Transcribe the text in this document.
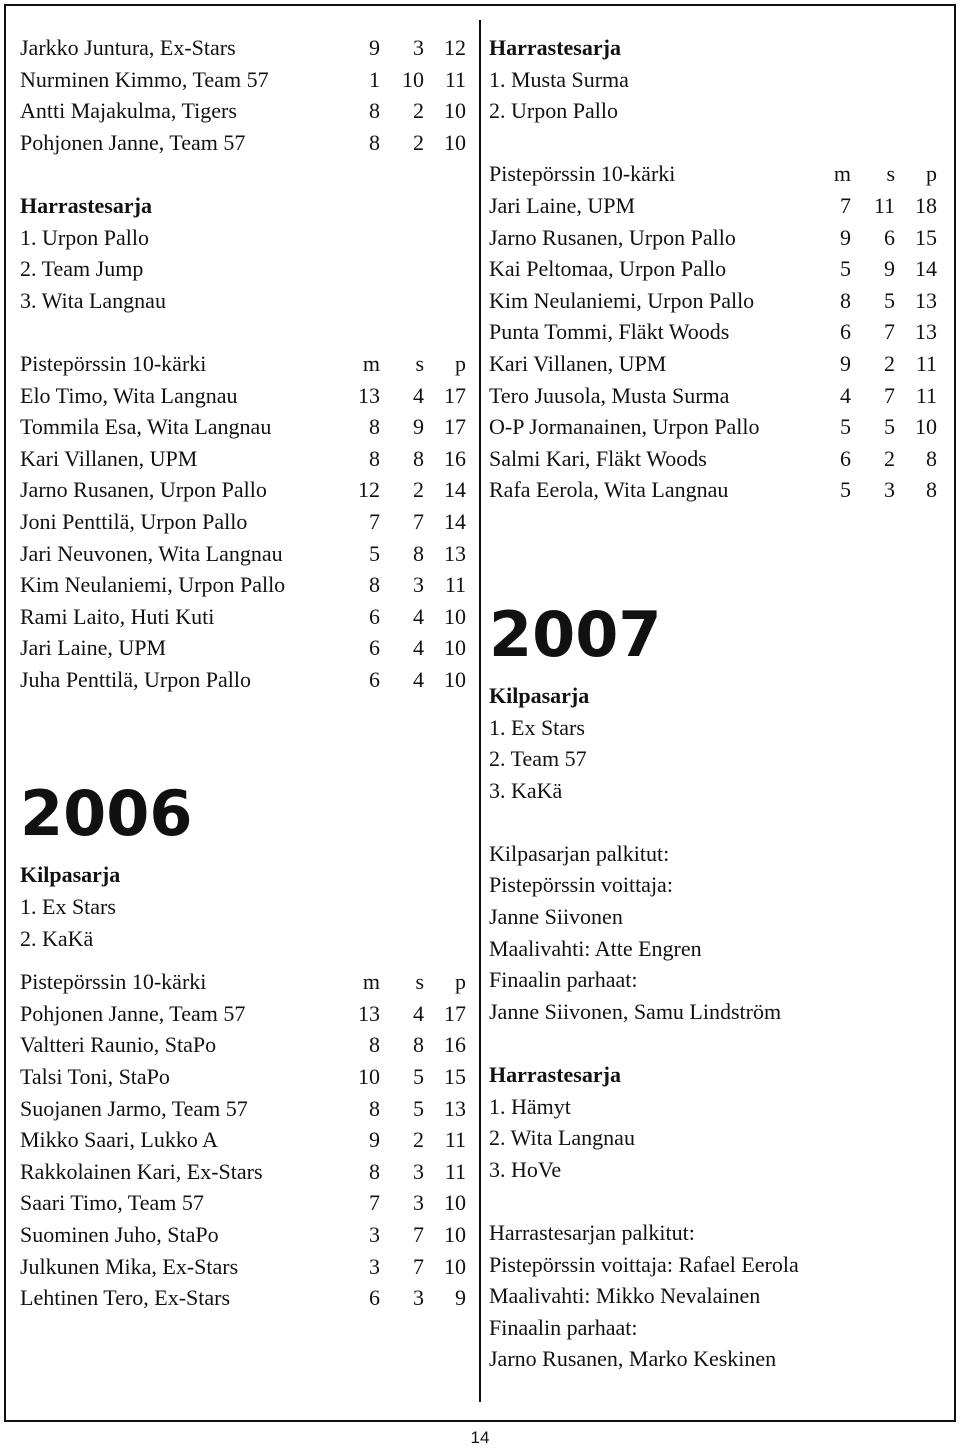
Jarkko Juntura, Ex-Stars	9	3 12
Nurminen Kimmo, Team 57	1	10 11
Antti Majakulma, Tigers	8	2 10
Pohjonen Janne, Team 57	8	2 10
Harrastesarja
1. Urpon Pallo
2. Team Jump
3. Wita Langnau
Pistepörssin 10-kärki	m	s	p
Elo Timo, Wita Langnau	13	4 17
Tommila Esa, Wita Langnau	8	9 17
Kari Villanen, UPM	8	8 16
Jarno Rusanen, Urpon Pallo	12	2 14
Joni Penttilä, Urpon Pallo	7	7 14
Jari Neuvonen, Wita Langnau	5	8 13
Kim Neulaniemi, Urpon Pallo	8	3 11
Rami Laito, Huti Kuti	6	4 10
Jari Laine, UPM	6	4 10
Juha Penttilä, Urpon Pallo	6	4 10
2006
Kilpasarja
1. Ex Stars
2. KaKä
Pistepörssin 10-kärki	m	s	p
Pohjonen Janne, Team 57	13	4 17
Valtteri Raunio, StaPo	8	8 16
Talsi Toni, StaPo	10	5 15
Suojanen Jarmo, Team 57	8	5 13
Mikko Saari, Lukko A	9	2 11
Rakkolainen Kari, Ex-Stars	8	3 11
Saari Timo, Team 57	7	3 10
Suominen Juho, StaPo	3	7 10
Julkunen Mika, Ex-Stars	3	7 10
Lehtinen Tero, Ex-Stars	6	3	9
Harrastesarja
1. Musta Surma
2. Urpon Pallo
Pistepörssin 10-kärki	m	s	p
Jari Laine, UPM	7	11 18
Jarno Rusanen, Urpon Pallo	9	6 15
Kai Peltomaa, Urpon Pallo	5	9 14
Kim Neulaniemi, Urpon Pallo	8	5 13
Punta Tommi, Fläkt Woods	6	7 13
Kari Villanen, UPM	9	2 11
Tero Juusola, Musta Surma	4	7 11
O-P Jormanainen, Urpon Pallo	5	5 10
Salmi Kari, Fläkt Woods	6	2	8
Rafa Eerola, Wita Langnau	5	3	8
2007
Kilpasarja
1. Ex Stars
2. Team 57
3. KaKä
Kilpasarjan palkitut:
Pistepörssin voittaja:
Janne Siivonen
Maalivahti: Atte Engren
Finaalin parhaat:
Janne Siivonen, Samu Lindström
Harrastesarja
1. Hämyt
2. Wita Langnau
3. HoVe
Harrastesarjan palkitut:
Pistepörssin voittaja: Rafael Eerola
Maalivahti: Mikko Nevalainen
Finaalin parhaat:
Jarno Rusanen, Marko Keskinen
14
